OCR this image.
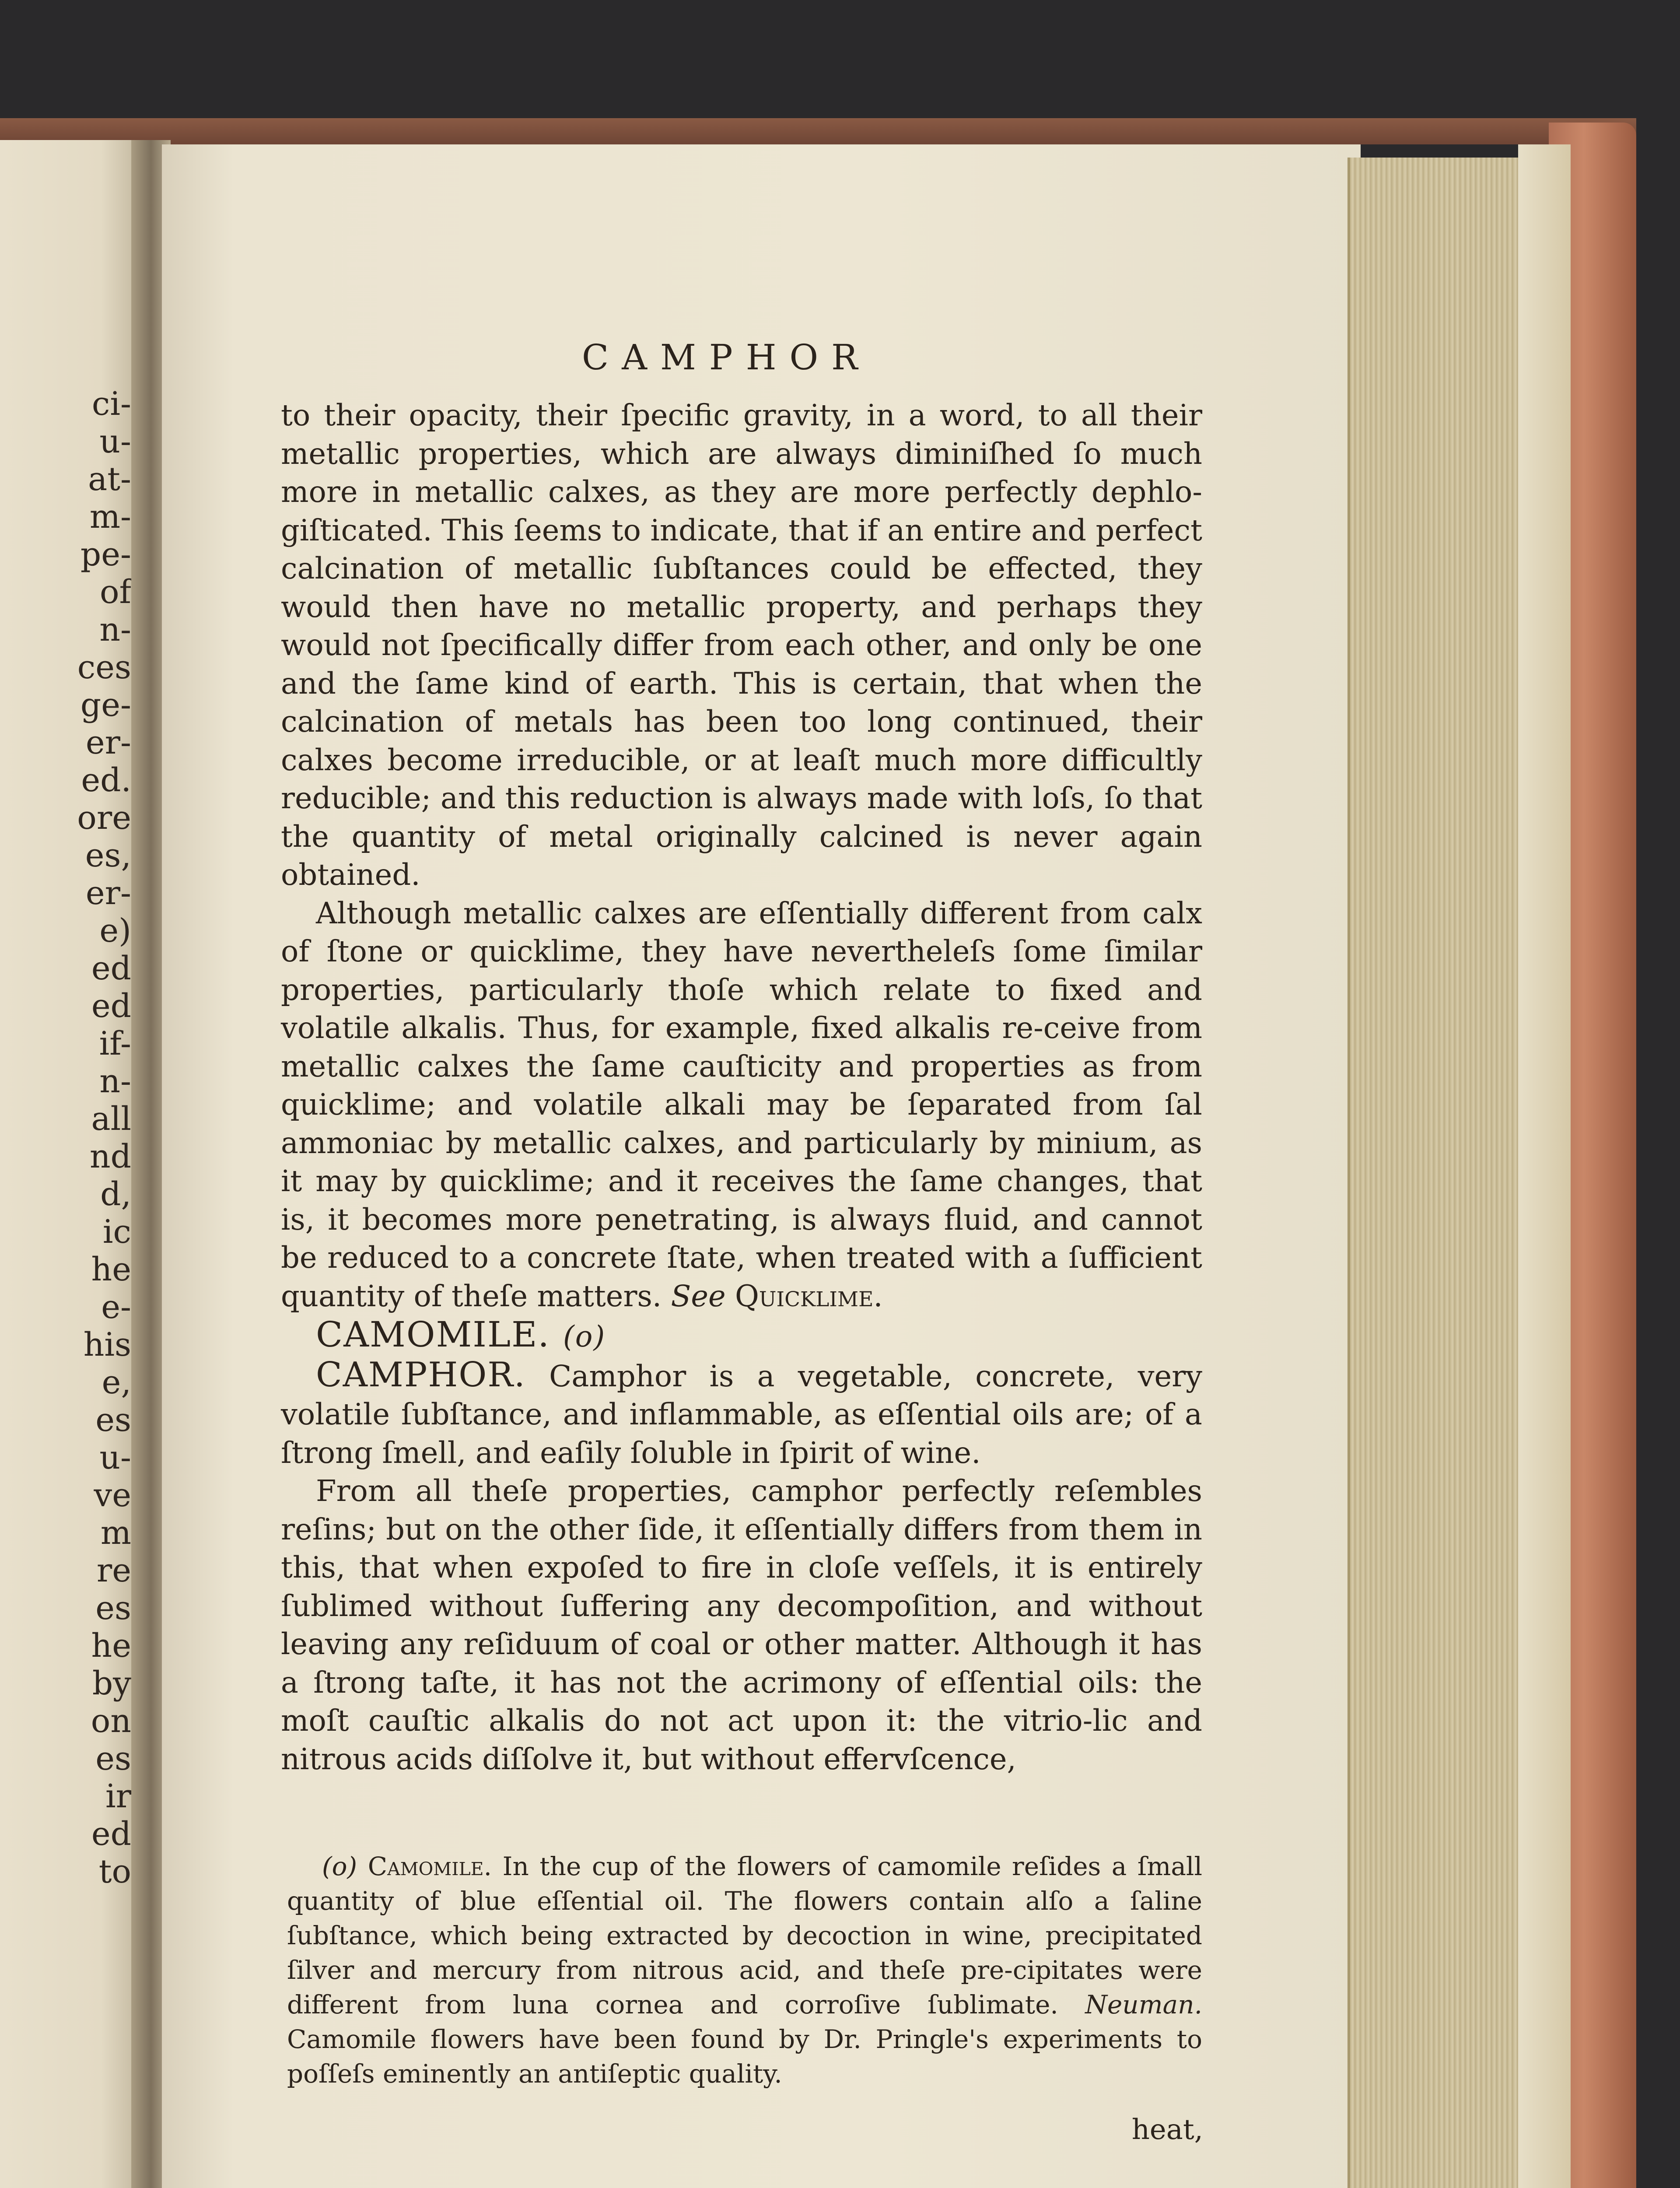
ci-
u-
at-
m-
pe-
of
n-
ces
ge-
er-
ed.
ore
es,
er-
e)
ed
ed
if-
n-
all
nd
d,
ic
he
e-
his
e,
es
u-
ve
m
re
es
he
by
on
es
ir
ed
to
CAMPHOR

to their opacity, their ſpecific gravity, in a word, to all their metallic properties, which are always diminiſhed ſo much more in metallic calxes, as they are more perfectly dephlo-giſticated. This ſeems to indicate, that if an entire and perfect calcination of metallic ſubſtances could be effected, they would then have no metallic property, and perhaps they would not ſpecifically differ from each other, and only be one and the ſame kind of earth. This is certain, that when the calcination of metals has been too long continued, their calxes become irreducible, or at leaſt much more difficultly reducible; and this reduction is always made with loſs, ſo that the quantity of metal originally calcined is never again obtained.

Although metallic calxes are eſſentially different from calx of ſtone or quicklime, they have nevertheleſs ſome ſimilar properties, particularly thoſe which relate to fixed and volatile alkalis. Thus, for example, fixed alkalis re-ceive from metallic calxes the ſame cauſticity and properties as from quicklime; and volatile alkali may be ſeparated from ſal ammoniac by metallic calxes, and particularly by minium, as it may by quicklime; and it receives the ſame changes, that is, it becomes more penetrating, is always fluid, and cannot be reduced to a concrete ſtate, when treated with a ſufficient quantity of theſe matters. See Quicklime.

CAMOMILE. (o)

CAMPHOR. Camphor is a vegetable, concrete, very volatile ſubſtance, and inflammable, as eſſential oils are; of a ſtrong ſmell, and eaſily ſoluble in ſpirit of wine.

From all theſe properties, camphor perfectly reſembles reſins; but on the other ſide, it eſſentially differs from them in this, that when expoſed to fire in cloſe veſſels, it is entirely ſublimed without ſuffering any decompoſition, and without leaving any reſiduum of coal or other matter. Although it has a ſtrong taſte, it has not the acrimony of eſſential oils: the moſt cauſtic alkalis do not act upon it: the vitrio-lic and nitrous acids diſſolve it, but without effervſcence,

(o) Camomile. In the cup of the flowers of camomile reſides a ſmall quantity of blue eſſential oil. The flowers contain alſo a ſaline ſubſtance, which being extracted by decoction in wine, precipitated ſilver and mercury from nitrous acid, and theſe pre-cipitates were different from luna cornea and corroſive ſublimate. Neuman. Camomile flowers have been found by Dr. Pringle's experiments to poſſeſs eminently an antiſeptic quality.

heat,
